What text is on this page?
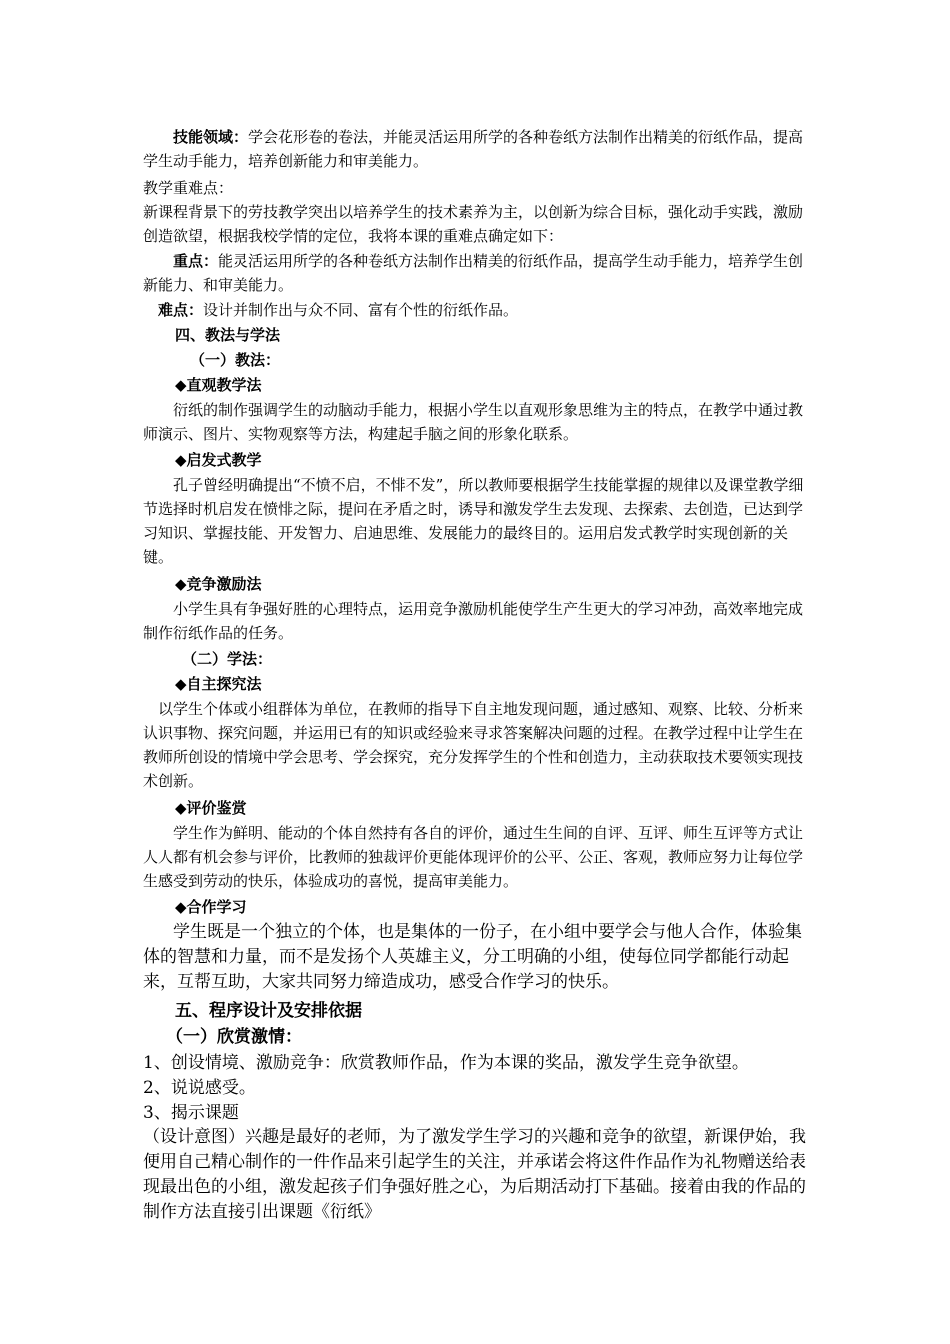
技能领域：学会花形卷的卷法，并能灵活运用所学的各种卷纸方法制作出精美的衍纸作品，提高学生动手能力，培养创新能力和审美能力。
教学重难点：
新课程背景下的劳技教学突出以培养学生的技术素养为主，以创新为综合目标，强化动手实践，激励创造欲望，根据我校学情的定位，我将本课的重难点确定如下：
重点：能灵活运用所学的各种卷纸方法制作出精美的衍纸作品，提高学生动手能力，培养学生创新能力、和审美能力。
难点：设计并制作出与众不同、富有个性的衍纸作品。
四、教法与学法
（一）教法：
◆直观教学法
衍纸的制作强调学生的动脑动手能力，根据小学生以直观形象思维为主的特点，在教学中通过教师演示、图片、实物观察等方法，构建起手脑之间的形象化联系。
◆启发式教学
孔子曾经明确提出“不愤不启，不悱不发”，所以教师要根据学生技能掌握的规律以及课堂教学细节选择时机启发在愤悱之际，提问在矛盾之时，诱导和激发学生去发现、去探索、去创造，已达到学习知识、掌握技能、开发智力、启迪思维、发展能力的最终目的。运用启发式教学时实现创新的关键。
◆竞争激励法
小学生具有争强好胜的心理特点，运用竞争激励机能使学生产生更大的学习冲劲，高效率地完成制作衍纸作品的任务。
（二）学法：
◆自主探究法
以学生个体或小组群体为单位，在教师的指导下自主地发现问题，通过感知、观察、比较、分析来认识事物、探究问题，并运用已有的知识或经验来寻求答案解决问题的过程。在教学过程中让学生在教师所创设的情境中学会思考、学会探究，充分发挥学生的个性和创造力，主动获取技术要领实现技术创新。
◆评价鉴赏
学生作为鲜明、能动的个体自然持有各自的评价，通过生生间的自评、互评、师生互评等方式让人人都有机会参与评价，比教师的独裁评价更能体现评价的公平、公正、客观，教师应努力让每位学生感受到劳动的快乐，体验成功的喜悦，提高审美能力。
◆合作学习
学生既是一个独立的个体，也是集体的一份子，在小组中要学会与他人合作，体验集体的智慧和力量，而不是发扬个人英雄主义，分工明确的小组，使每位同学都能行动起来，互帮互助，大家共同努力缔造成功，感受合作学习的快乐。
五、程序设计及安排依据
（一）欣赏激情：
1、创设情境、激励竞争：欣赏教师作品，作为本课的奖品，激发学生竞争欲望。
2、说说感受。
3、揭示课题
（设计意图）兴趣是最好的老师，为了激发学生学习的兴趣和竞争的欲望，新课伊始，我便用自己精心制作的一件作品来引起学生的关注，并承诺会将这件作品作为礼物赠送给表现最出色的小组，激发起孩子们争强好胜之心，为后期活动打下基础。接着由我的作品的制作方法直接引出课题《衍纸》
